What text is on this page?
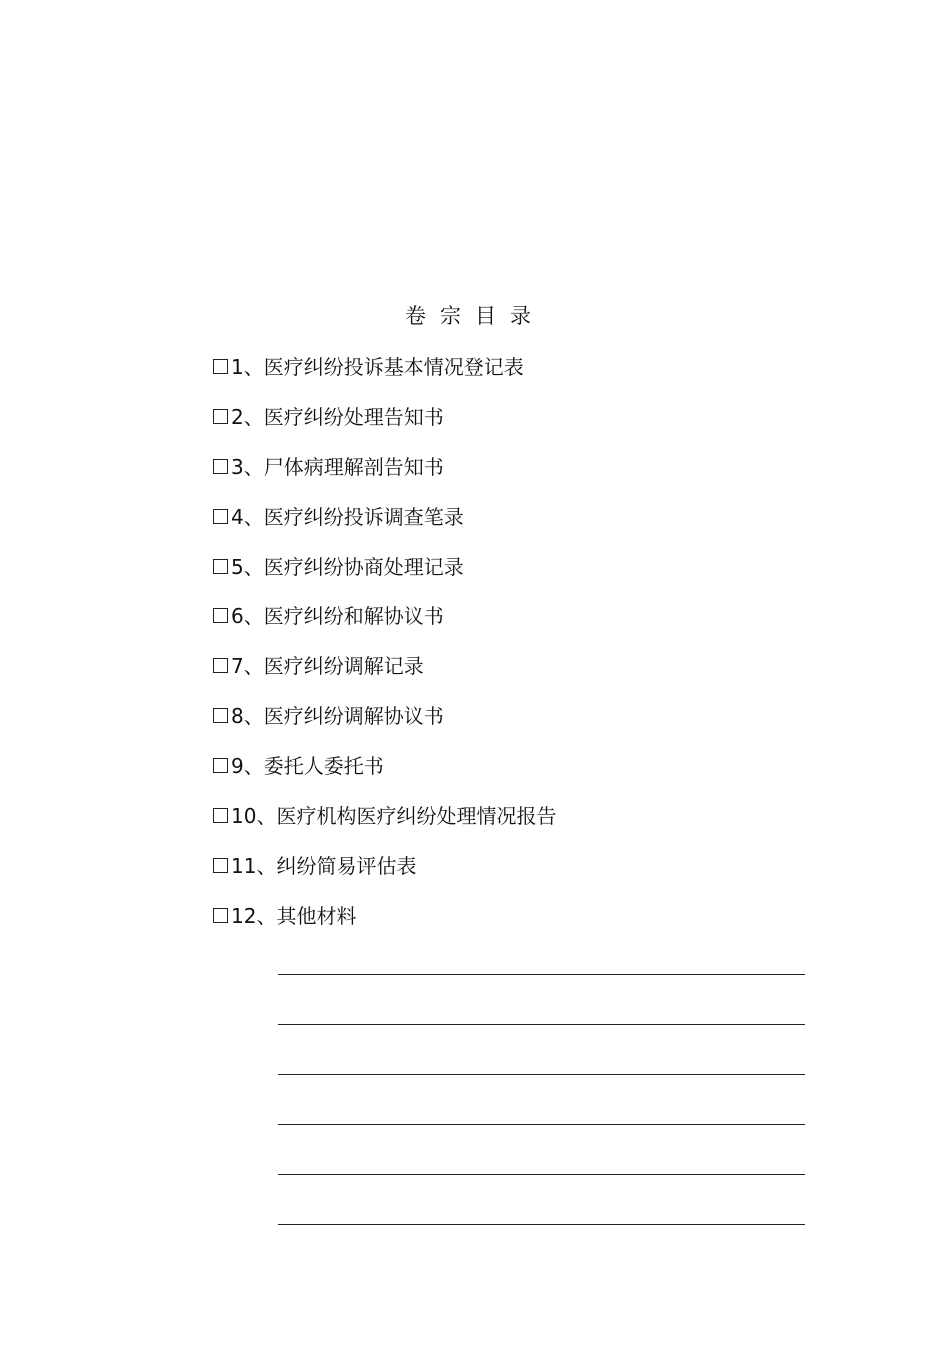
卷宗目录
1、医疗纠纷投诉基本情况登记表
2、医疗纠纷处理告知书
3、尸体病理解剖告知书
4、医疗纠纷投诉调查笔录
5、医疗纠纷协商处理记录
6、医疗纠纷和解协议书
7、医疗纠纷调解记录
8、医疗纠纷调解协议书
9、委托人委托书
10、医疗机构医疗纠纷处理情况报告
11、纠纷简易评估表
12、其他材料
